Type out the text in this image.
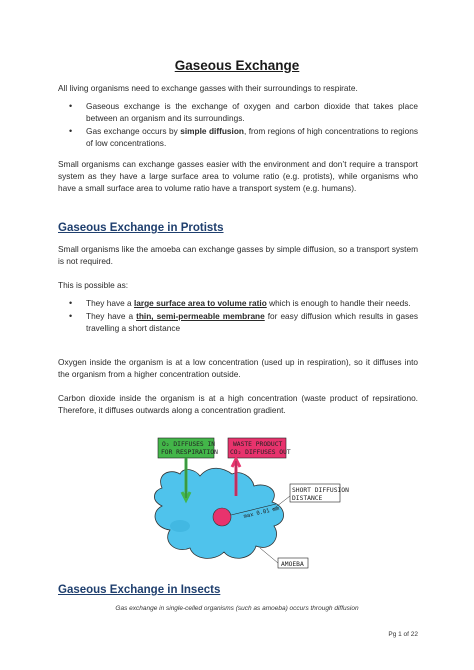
Gaseous Exchange
All living organisms need to exchange gasses with their surroundings to respirate.
• Gaseous exchange is the exchange of oxygen and carbon dioxide that takes place between an organism and its surroundings.
• Gas exchange occurs by simple diffusion, from regions of high concentrations to regions of low concentrations.
Small organisms can exchange gasses easier with the environment and don’t require a transport system as they have a large surface area to volume ratio (e.g. protists), while organisms who have a small surface area to volume ratio have a transport system (e.g. humans).
Gaseous Exchange in Protists
Small organisms like the amoeba can exchange gasses by simple diffusion, so a transport system is not required.
This is possible as:
• They have a large surface area to volume ratio which is enough to handle their needs.
• They have a thin, semi-permeable membrane for easy diffusion which results in gases travelling a short distance
Oxygen inside the organism is at a low concentration (used up in respiration), so it diffuses into the organism from a higher concentration outside.
Carbon dioxide inside the organism is at a high concentration (waste product of repsirationo. Therefore, it diffuses outwards along a concentration gradient.
O₂ DIFFUSES IN
FOR RESPIRATION
WASTE PRODUCT
CO₂ DIFFUSES OUT
SHORT DIFFUSION
DISTANCE
max 0.01 mm
AMOEBA
Gaseous Exchange in Insects
Gas exchange in single-celled organisms (such as amoeba) occurs through diffusion
Pg 1 of 22
